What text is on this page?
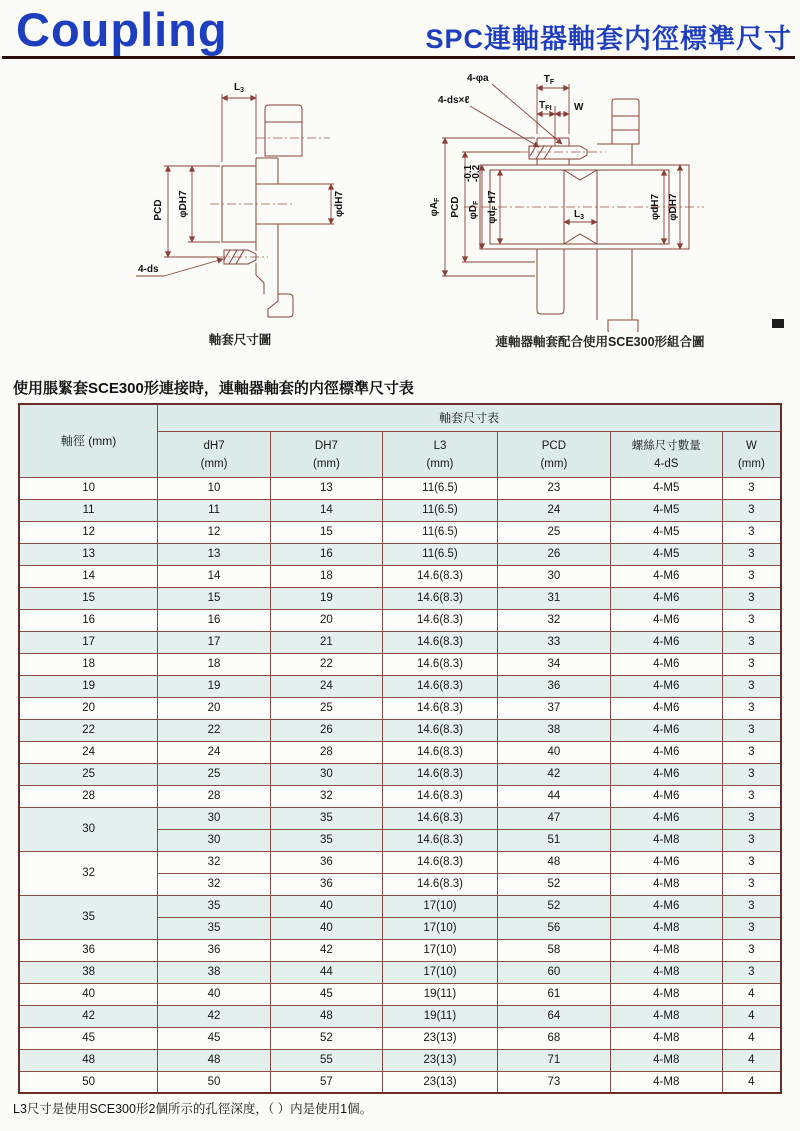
Coupling	SPC連軸器軸套内徑標準尺寸
$L_3$
φDH7
PCD	φdH7
4-ds
$T_F$
$T_{Ft}$ W
4-φa
4-ds×ℓ
$\varphi A_F$ PCD $\varphi D_F$
-0.1
-0.2
$\varphi d_F$ H7
$L_3$	φdH7 φDH7
軸套尺寸圖	連軸器軸套配合使用SCE300形組合圖
使用脹緊套SCE300形連接時，連軸器軸套的内徑標準尺寸表
軸徑 (mm)	軸套尺寸表					

dH7
(mm)

DH7
(mm)

L3
(mm)

PCD
(mm)

螺絲尺寸數量
4-dS

W
(mm)

10	10	13	11(6.5)	23	4-M5	3
11	11	14	11(6.5)	24	4-M5	3
12	12	15	11(6.5)	25	4-M5	3
13	13	16	11(6.5)	26	4-M5	3
14	14	18	14.6(8.3)	30	4-M6	3
15	15	19	14.6(8.3)	31	4-M6	3
16	16	20	14.6(8.3)	32	4-M6	3
17	17	21	14.6(8.3)	33	4-M6	3
18	18	22	14.6(8.3)	34	4-M6	3
19	19	24	14.6(8.3)	36	4-M6	3
20	20	25	14.6(8.3)	37	4-M6	3
22	22	26	14.6(8.3)	38	4-M6	3
24	24	28	14.6(8.3)	40	4-M6	3
25	25	30	14.6(8.3)	42	4-M6	3
28	28	32	14.6(8.3)	44	4-M6	3
30	30	35	14.6(8.3)	47	4-M6	3
	30	35	14.6(8.3)	51	4-M8	3
32	32	36	14.6(8.3)	48	4-M6	3
	32	36	14.6(8.3)	52	4-M8	3
35	35	40	17(10)	52	4-M6	3
	35	40	17(10)	56	4-M8	3
36	36	42	17(10)	58	4-M8	3
38	38	44	17(10)	60	4-M8	3
40	40	45	19(11)	61	4-M8	4
42	42	48	19(11)	64	4-M8	4
45	45	52	23(13)	68	4-M8	4
48	48	55	23(13)	71	4-M8	4
50	50	57	23(13)	73	4-M8	4
L3尺寸是使用SCE300形2個所示的孔徑深度，（ ）内是使用1個。
